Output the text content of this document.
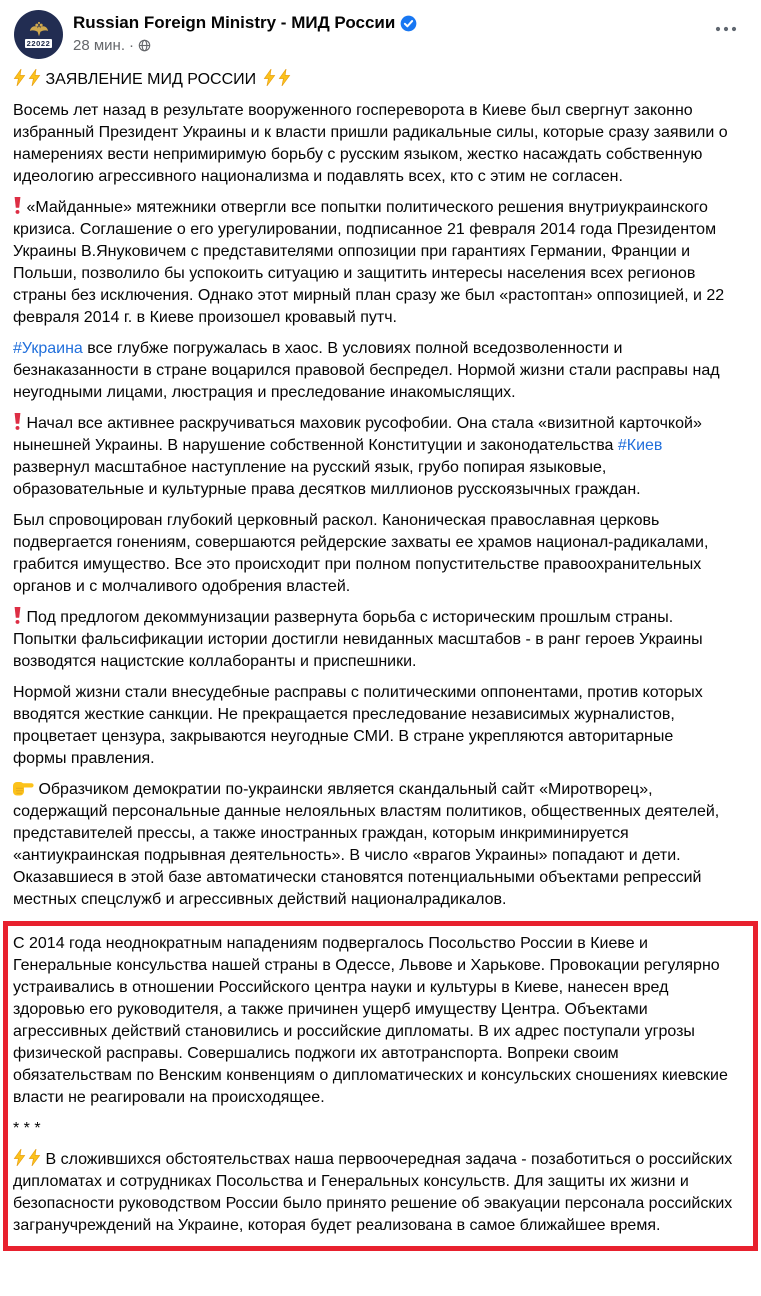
22022
Russian Foreign Ministry - МИД России
28 мин. ·
ЗАЯВЛЕНИЕ МИД РОССИИ
Восемь лет назад в результате вооруженного госпереворота в Киеве был свергнут законно избранный Президент Украины и к власти пришли радикальные силы, которые сразу заявили о намерениях вести непримиримую борьбу с русским языком, жестко насаждать собственную идеологию агрессивного национализма и подавлять всех, кто с этим не согласен.
«Майданные» мятежники отвергли все попытки политического решения внутриукраинского кризиса. Соглашение о его урегулировании, подписанное 21 февраля 2014 года Президентом Украины В.Януковичем с представителями оппозиции при гарантиях Германии, Франции и Польши, позволило бы успокоить ситуацию и защитить интересы населения всех регионов страны без исключения. Однако этот мирный план сразу же был «растоптан» оппозицией, и 22 февраля 2014 г. в Киеве произошел кровавый путч.
#Украина все глубже погружалась в хаос. В условиях полной вседозволенности и безнаказанности в стране воцарился правовой беспредел. Нормой жизни стали расправы над неугодными лицами, люстрация и преследование инакомыслящих.
Начал все активнее раскручиваться маховик русофобии. Она стала «визитной карточкой» нынешней Украины. В нарушение собственной Конституции и законодательства #Киев развернул масштабное наступление на русский язык, грубо попирая языковые, образовательные и культурные права десятков миллионов русскоязычных граждан.
Был спровоцирован глубокий церковный раскол. Каноническая православная церковь подвергается гонениям, совершаются рейдерские захваты ее храмов национал-радикалами, грабится имущество. Все это происходит при полном попустительстве правоохранительных органов и с молчаливого одобрения властей.
Под предлогом декоммунизации развернута борьба с историческим прошлым страны. Попытки фальсификации истории достигли невиданных масштабов - в ранг героев Украины возводятся нацистские коллаборанты и приспешники.
Нормой жизни стали внесудебные расправы с политическими оппонентами, против которых вводятся жесткие санкции. Не прекращается преследование независимых журналистов, процветает цензура, закрываются неугодные СМИ. В стране укрепляются авторитарные формы правления.
Образчиком демократии по-украински является скандальный сайт «Миротворец», содержащий персональные данные нелояльных властям политиков, общественных деятелей, представителей прессы, а также иностранных граждан, которым инкриминируется «антиукраинская подрывная деятельность». В число «врагов Украины» попадают и дети. Оказавшиеся в этой базе автоматически становятся потенциальными объектами репрессий местных спецслужб и агрессивных действий националрадикалов.
С 2014 года неоднократным нападениям подвергалось Посольство России в Киеве и Генеральные консульства нашей страны в Одессе, Львове и Харькове. Провокации регулярно устраивались в отношении Российского центра науки и культуры в Киеве, нанесен вред здоровью его руководителя, а также причинен ущерб имуществу Центра. Объектами агрессивных действий становились и российские дипломаты. В их адрес поступали угрозы физической расправы. Совершались поджоги их автотранспорта. Вопреки своим обязательствам по Венским конвенциям о дипломатических и консульских сношениях киевские власти не реагировали на происходящее.
* * *
В сложившихся обстоятельствах наша первоочередная задача - позаботиться о российских дипломатах и сотрудниках Посольства и Генеральных консульств. Для защиты их жизни и безопасности руководством России было принято решение об эвакуации персонала российских загранучреждений на Украине, которая будет реализована в самое ближайшее время.
